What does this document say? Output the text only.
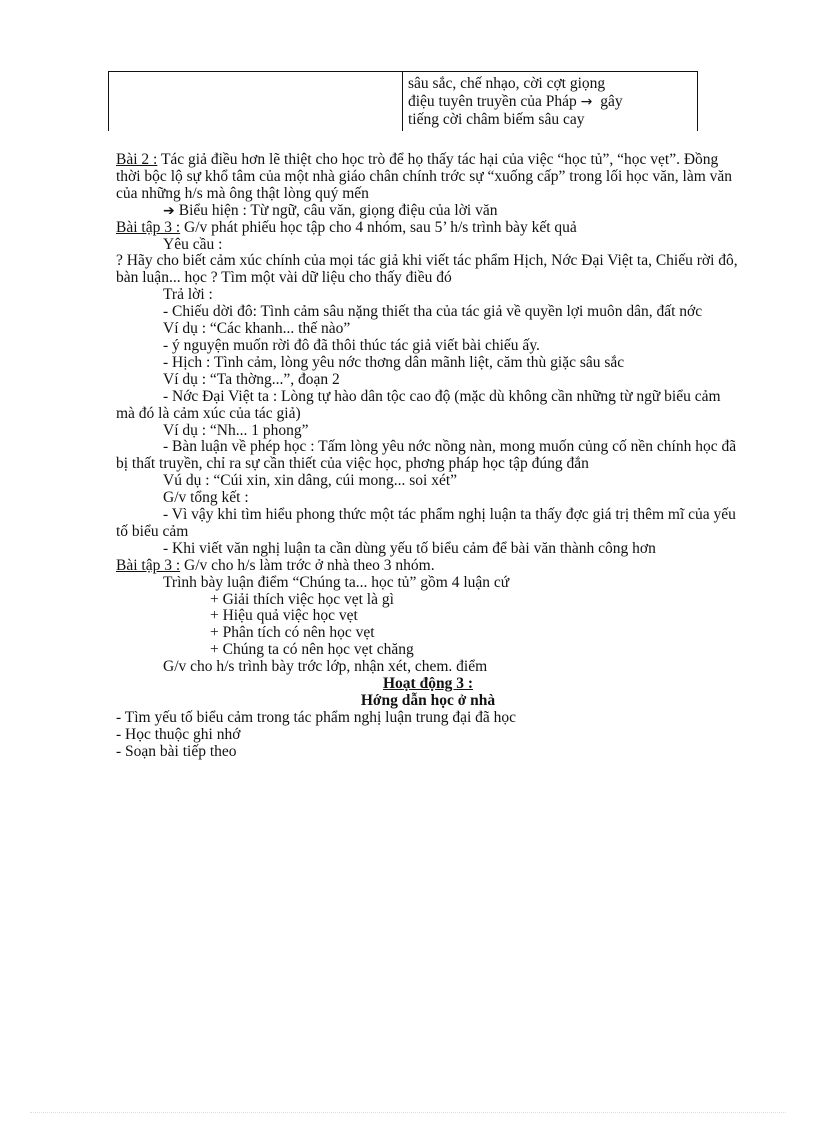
sâu sắc, chế nhạo, cời cợt giọng
điệu tuyên truyền của Pháp → gây
tiếng cời châm biếm sâu cay
Bài 2 : Tác giả điều hơn lẽ thiệt cho học trò để họ thấy tác hại của việc “học tủ”, “học vẹt”. Đồng thời bộc lộ sự khổ tâm của một nhà giáo chân chính trớc sự “xuống cấp” trong lối học văn, làm văn của những h/s mà ông thật lòng quý mến
➔ Biểu hiện : Từ ngữ, câu văn, giọng điệu của lời văn
Bài tập 3 : G/v phát phiếu học tập cho 4 nhóm, sau 5’ h/s trình bày kết quả
Yêu cầu :
? Hãy cho biết cảm xúc chính của mọi tác giả khi viết tác phẩm Hịch, Nớc Đại Việt ta, Chiếu rời đô, bàn luận... học ? Tìm một vài dữ liệu cho thấy điều đó
Trả lời :
- Chiếu dời đô: Tình cảm sâu nặng thiết tha của tác giả về quyền lợi muôn dân, đất nớc
Ví dụ : “Các khanh... thế nào”
- ý nguyện muốn rời đô đã thôi thúc tác giả viết bài chiếu ấy.
- Hịch : Tình cảm, lòng yêu nớc thơng dân mãnh liệt, căm thù giặc sâu sắc
Ví dụ : “Ta thờng...”, đoạn 2
- Nớc Đại Việt ta : Lòng tự hào dân tộc cao độ (mặc dù không cần những từ ngữ biểu cảm mà đó là cảm xúc của tác giả)
Ví dụ : “Nh... 1 phong”
- Bàn luận về phép học : Tấm lòng yêu nớc nồng nàn, mong muốn củng cố nền chính học đã bị thất truyền, chỉ ra sự cần thiết của việc học, phơng pháp học tập đúng đắn
Vú dụ : “Cúi xin, xin dâng, cúi mong... soi xét”
G/v tổng kết :
- Vì vậy khi tìm hiểu phong thức một tác phẩm nghị luận ta thấy đợc giá trị thêm mĩ của yếu tố biểu cảm
- Khi viết văn nghị luận ta cần dùng yếu tố biểu cảm để bài văn thành công hơn
Bài tập 3 : G/v cho h/s làm trớc ở nhà theo 3 nhóm.
Trình bày luận điểm “Chúng ta... học tủ” gồm 4 luận cứ
+ Giải thích việc học vẹt là gì
+ Hiệu quả việc học vẹt
+ Phân tích có nên học vẹt
+ Chúng ta có nên học vẹt chăng
G/v cho h/s trình bày trớc lớp, nhận xét, chem. điểm
Hoạt động 3 :
Hớng dẫn học ở nhà
- Tìm yếu tố biểu cảm trong tác phẩm nghị luận trung đại đã học
- Học thuộc ghi nhớ
- Soạn bài tiếp theo
